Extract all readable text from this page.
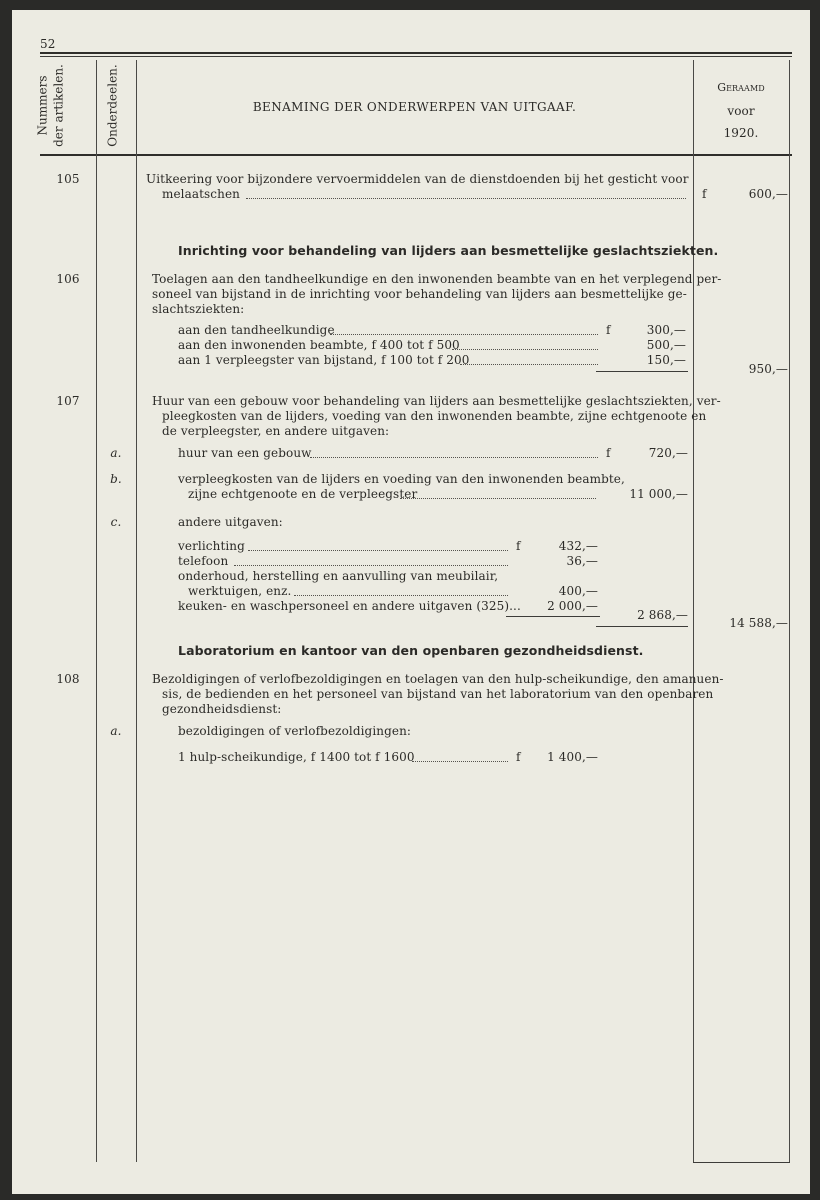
52
Nummers der artikelen.	Onderdeelen.	BENAMING DER ONDERWERPEN VAN UITGAAF.
Geraamd
voor
1920.
105	Uitkeering voor bijzondere vervoermiddelen van de dienstdoenden bij het gesticht voor
melaatschen	f	600,—
Inrichting voor behandeling van lijders aan besmettelijke geslachtsziekten.
106	Toelagen aan den tandheelkundige en den inwonenden beambte van en het verplegend per-
soneel van bijstand in de inrichting voor behandeling van lijders aan besmettelijke ge-
slachtsziekten:
aan den tandheelkundige	f	300,—
aan den inwonenden beambte, f 400 tot f 500	500,—
aan 1 verpleegster van bijstand, f 100 tot f 200	150,—
950,—
107	Huur van een gebouw voor behandeling van lijders aan besmettelijke geslachtsziekten, ver-
pleegkosten van de lijders, voeding van den inwonenden beambte, zijne echtgenoote en
de verpleegster, en andere uitgaven:
a.	huur van een gebouw	f	720,—
b.	verpleegkosten van de lijders en voeding van den inwonenden beambte,
zijne echtgenoote en de verpleegster	11 000,—
c.	andere uitgaven:
verlichting	f	432,—
telefoon	36,—
onderhoud, herstelling en aanvulling van meubilair,
werktuigen, enz.	400,—
keuken- en waschpersoneel en andere uitgaven (325)...	2 000,—
2 868,—
14 588,—
Laboratorium en kantoor van den openbaren gezondheidsdienst.
108	Bezoldigingen of verlofbezoldigingen en toelagen van den hulp-scheikundige, den amanuen-
sis, de bedienden en het personeel van bijstand van het laboratorium van den openbaren
gezondheidsdienst:
a.	bezoldigingen of verlofbezoldigingen:
1 hulp-scheikundige, f 1400 tot f 1600	f	1 400,—
